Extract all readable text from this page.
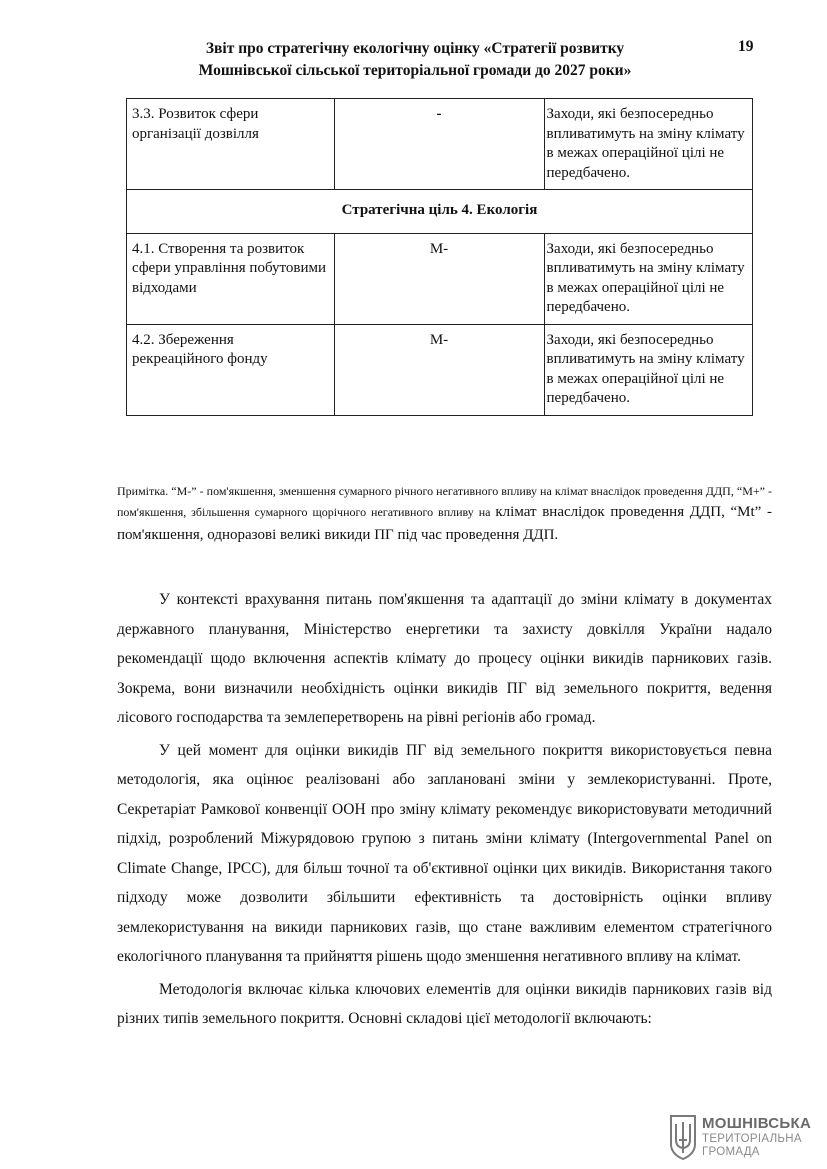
Звіт про стратегічну екологічну оцінку «Стратегії розвитку
Мошнівської сільської територіальної громади до 2027 роки»
19
3.3. Розвиток сфери організації дозвілля	-	Заходи, які безпосередньо впливатимуть на зміну клімату в межах операційної цілі не передбачено.
Стратегічна ціль 4. Екологія		
4.1. Створення та розвиток сфери управління побутовими відходами	М-	Заходи, які безпосередньо впливатимуть на зміну клімату в межах операційної цілі не передбачено.
4.2. Збереження рекреаційного фонду	М-	Заходи, які безпосередньо впливатимуть на зміну клімату в межах операційної цілі не передбачено.
Примітка. “М-” - пом'якшення, зменшення сумарного річного негативного впливу на клімат внаслідок проведення ДДП, “М+” - пом'якшення, збільшення сумарного щорічного негативного впливу на клімат внаслідок проведення ДДП, “Mt” - пом'якшення, одноразові великі викиди ПГ під час проведення ДДП.

У контексті врахування питань пом'якшення та адаптації до зміни клімату в документах державного планування, Міністерство енергетики та захисту довкілля України надало рекомендації щодо включення аспектів клімату до процесу оцінки викидів парникових газів. Зокрема, вони визначили необхідність оцінки викидів ПГ від земельного покриття, ведення лісового господарства та землеперетворень на рівні регіонів або громад.

У цей момент для оцінки викидів ПГ від земельного покриття використовується певна методологія, яка оцінює реалізовані або заплановані зміни у землекористуванні. Проте, Секретаріат Рамкової конвенції ООН про зміну клімату рекомендує використовувати методичний підхід, розроблений Міжурядовою групою з питань зміни клімату (Intergovernmental Panel on Climate Change, IPCC), для більш точної та об'єктивної оцінки цих викидів. Використання такого підходу може дозволити збільшити ефективність та достовірність оцінки впливу землекористування на викиди парникових газів, що стане важливим елементом стратегічного екологічного планування та прийняття рішень щодо зменшення негативного впливу на клімат.

Методологія включає кілька ключових елементів для оцінки викидів парникових газів від різних типів земельного покриття. Основні складові цієї методології включають:

МОШНІВСЬКА
ТЕРИТОРІАЛЬНА
ГРОМАДА
